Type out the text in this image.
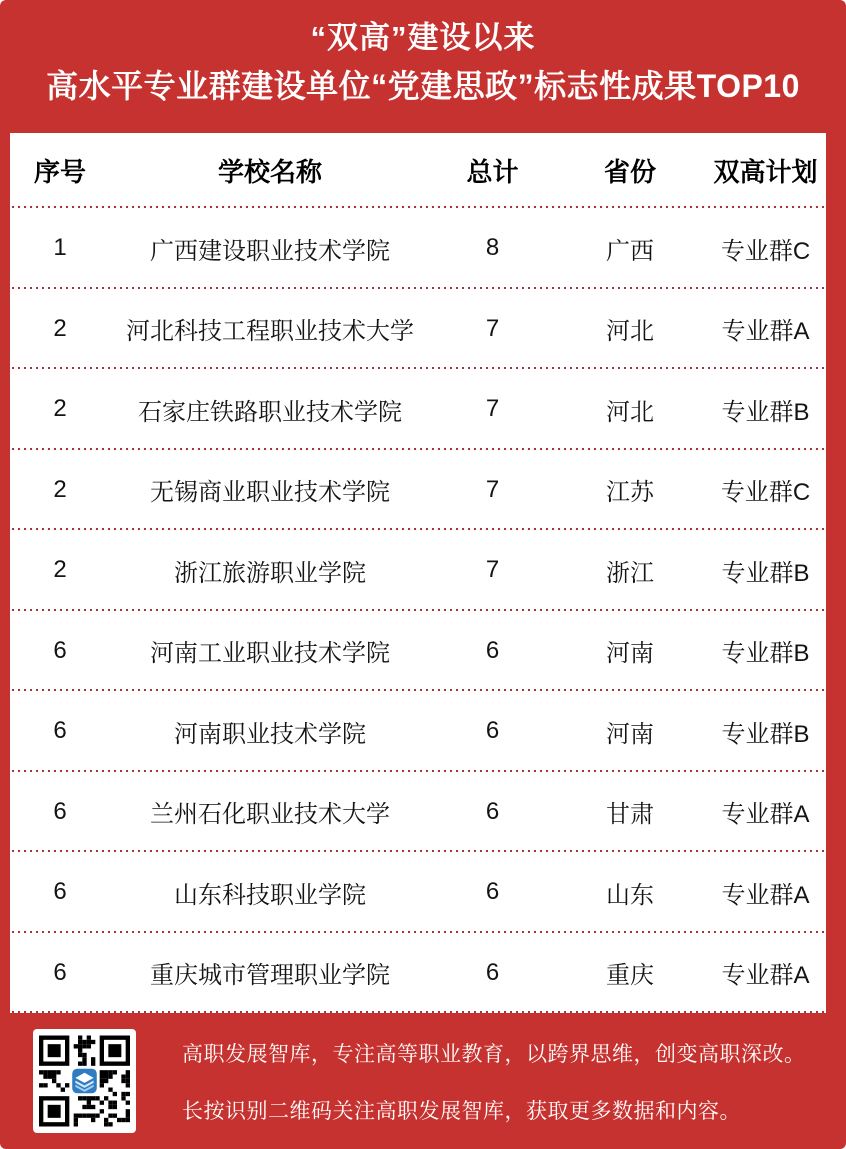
“双高”建设以来
高水平专业群建设单位“党建思政”标志性成果TOP10
序号	学校名称	总计	省份	双高计划
1	广西建设职业技术学院	8	广西	专业群C
2	河北科技工程职业技术大学	7	河北	专业群A
2	石家庄铁路职业技术学院	7	河北	专业群B
2	无锡商业职业技术学院	7	江苏	专业群C
2	浙江旅游职业学院	7	浙江	专业群B
6	河南工业职业技术学院	6	河南	专业群B
6	河南职业技术学院	6	河南	专业群B
6	兰州石化职业技术大学	6	甘肃	专业群A
6	山东科技职业学院	6	山东	专业群A
6	重庆城市管理职业学院	6	重庆	专业群A
高职发展智库，专注高等职业教育，以跨界思维，创变高职深改。
长按识别二维码关注高职发展智库，获取更多数据和内容。
